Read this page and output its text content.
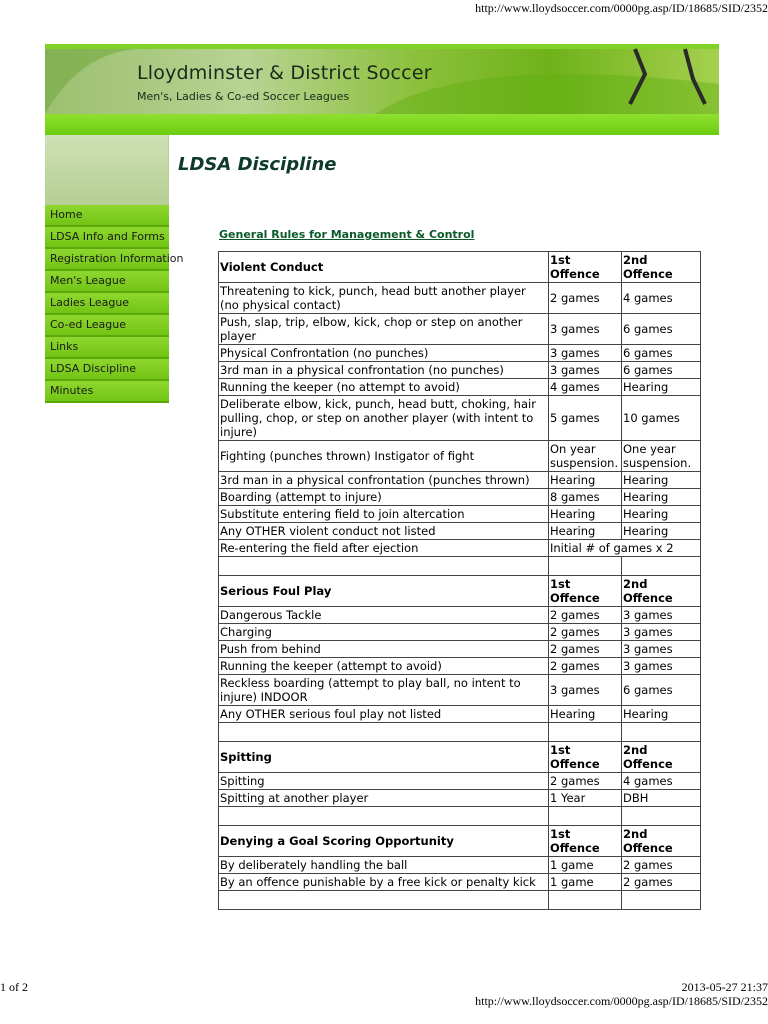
http://www.lloydsoccer.com/0000pg.asp/ID/18685/SID/2352
Lloydminster & District Soccer
Men's, Ladies & Co-ed Soccer Leagues
Home
LDSA Info and Forms
Registration Information
Men's League
Ladies League
Co-ed League
Links
LDSA Discipline
Minutes
LDSA Discipline
General Rules for Management & Control
Violent Conduct	1st Offence	2nd Offence
Threatening to kick, punch, head butt another player (no physical contact)	2 games	4 games
Push, slap, trip, elbow, kick, chop or step on another player	3 games	6 games
Physical Confrontation (no punches)	3 games	6 games
3rd man in a physical confrontation (no punches)	3 games	6 games
Running the keeper (no attempt to avoid)	4 games	Hearing
Deliberate elbow, kick, punch, head butt, choking, hair pulling, chop, or step on another player (with intent to injure)	5 games	10 games
Fighting (punches thrown) Instigator of fight	On year suspension.	One year suspension.
3rd man in a physical confrontation (punches thrown)	Hearing	Hearing
Boarding (attempt to injure)	8 games	Hearing
Substitute entering field to join altercation	Hearing	Hearing
Any OTHER violent conduct not listed	Hearing	Hearing
Re-entering the field after ejection	Initial # of games x 2	

Serious Foul Play	1st Offence	2nd Offence
Dangerous Tackle	2 games	3 games
Charging	2 games	3 games
Push from behind	2 games	3 games
Running the keeper (attempt to avoid)	2 games	3 games
Reckless boarding (attempt to play ball, no intent to injure) INDOOR	3 games	6 games
Any OTHER serious foul play not listed	Hearing	Hearing

Spitting	1st Offence	2nd Offence
Spitting	2 games	4 games
Spitting at another player	1 Year	DBH

Denying a Goal Scoring Opportunity	1st Offence	2nd Offence
By deliberately handling the ball	1 game	2 games
By an offence punishable by a free kick or penalty kick	1 game	2 games

1 of 2	2013-05-27 21:37
http://www.lloydsoccer.com/0000pg.asp/ID/18685/SID/2352
